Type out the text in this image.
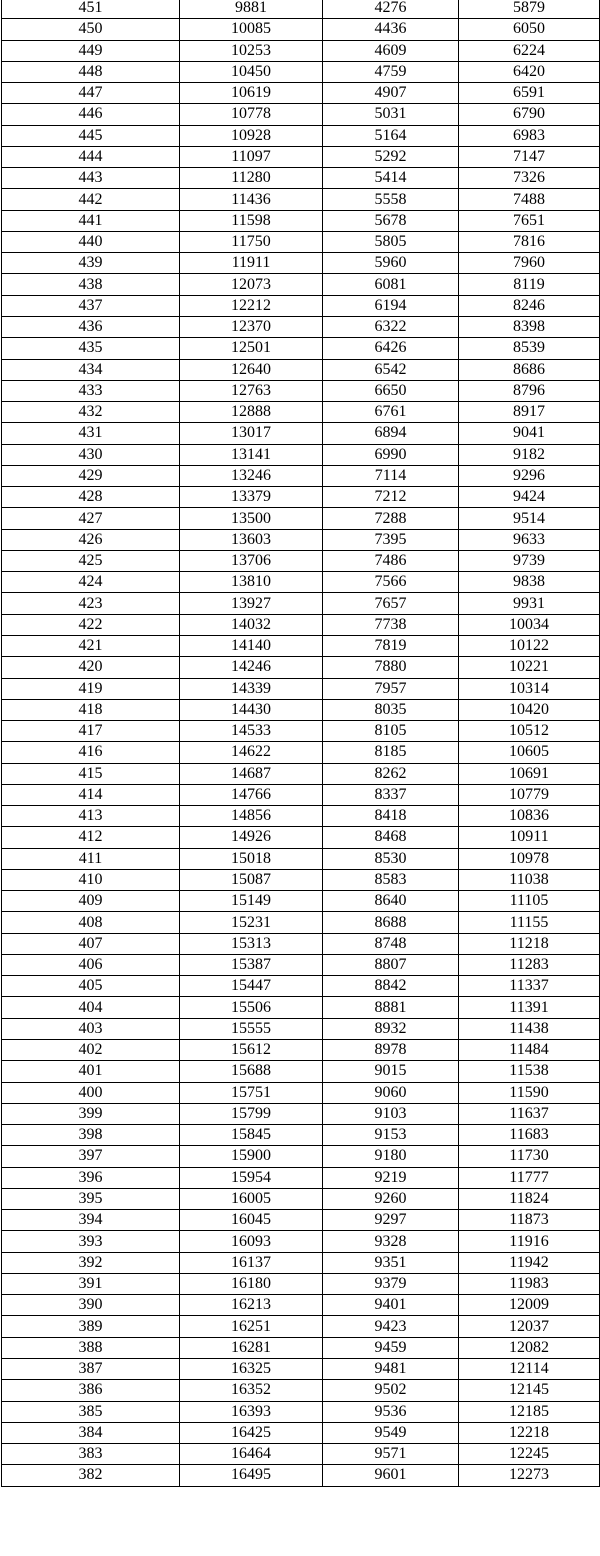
451	9881	4276	5879
450	10085	4436	6050
449	10253	4609	6224
448	10450	4759	6420
447	10619	4907	6591
446	10778	5031	6790
445	10928	5164	6983
444	11097	5292	7147
443	11280	5414	7326
442	11436	5558	7488
441	11598	5678	7651
440	11750	5805	7816
439	11911	5960	7960
438	12073	6081	8119
437	12212	6194	8246
436	12370	6322	8398
435	12501	6426	8539
434	12640	6542	8686
433	12763	6650	8796
432	12888	6761	8917
431	13017	6894	9041
430	13141	6990	9182
429	13246	7114	9296
428	13379	7212	9424
427	13500	7288	9514
426	13603	7395	9633
425	13706	7486	9739
424	13810	7566	9838
423	13927	7657	9931
422	14032	7738	10034
421	14140	7819	10122
420	14246	7880	10221
419	14339	7957	10314
418	14430	8035	10420
417	14533	8105	10512
416	14622	8185	10605
415	14687	8262	10691
414	14766	8337	10779
413	14856	8418	10836
412	14926	8468	10911
411	15018	8530	10978
410	15087	8583	11038
409	15149	8640	11105
408	15231	8688	11155
407	15313	8748	11218
406	15387	8807	11283
405	15447	8842	11337
404	15506	8881	11391
403	15555	8932	11438
402	15612	8978	11484
401	15688	9015	11538
400	15751	9060	11590
399	15799	9103	11637
398	15845	9153	11683
397	15900	9180	11730
396	15954	9219	11777
395	16005	9260	11824
394	16045	9297	11873
393	16093	9328	11916
392	16137	9351	11942
391	16180	9379	11983
390	16213	9401	12009
389	16251	9423	12037
388	16281	9459	12082
387	16325	9481	12114
386	16352	9502	12145
385	16393	9536	12185
384	16425	9549	12218
383	16464	9571	12245
382	16495	9601	12273
